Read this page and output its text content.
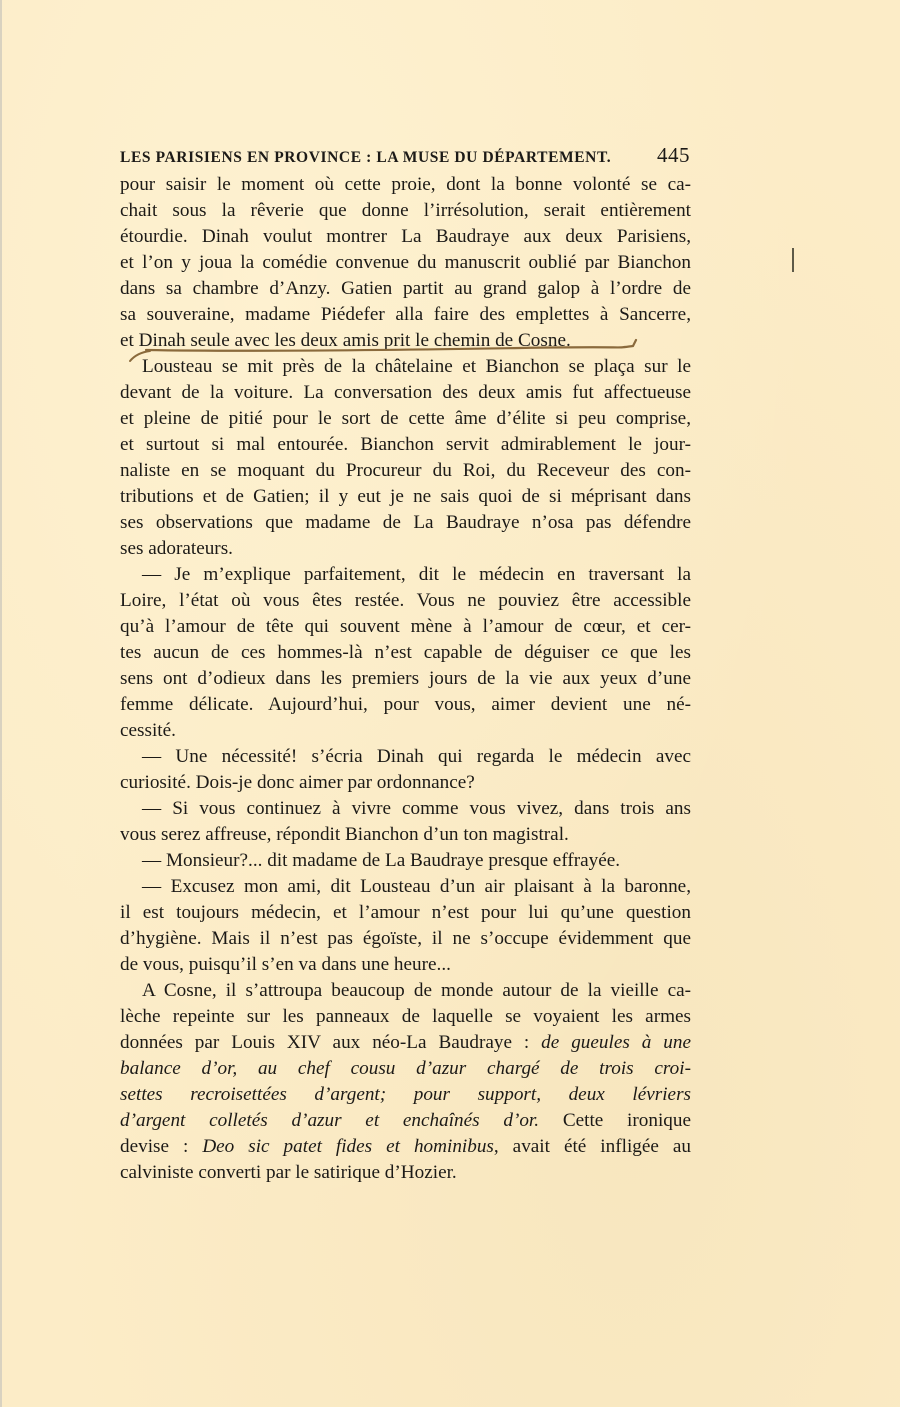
LES PARISIENS EN PROVINCE : LA MUSE DU DÉPARTEMENT. 445
pour saisir le moment où cette proie, dont la bonne volonté se ca-
chait sous la rêverie que donne l’irrésolution, serait entièrement
étourdie. Dinah voulut montrer La Baudraye aux deux Parisiens,
et l’on y joua la comédie convenue du manuscrit oublié par Bianchon
dans sa chambre d’Anzy. Gatien partit au grand galop à l’ordre de
sa souveraine, madame Piédefer alla faire des emplettes à Sancerre,
et Dinah seule avec les deux amis prit le chemin de Cosne.
Lousteau se mit près de la châtelaine et Bianchon se plaça sur le
devant de la voiture. La conversation des deux amis fut affectueuse
et pleine de pitié pour le sort de cette âme d’élite si peu comprise,
et surtout si mal entourée. Bianchon servit admirablement le jour-
naliste en se moquant du Procureur du Roi, du Receveur des con-
tributions et de Gatien; il y eut je ne sais quoi de si méprisant dans
ses observations que madame de La Baudraye n’osa pas défendre
ses adorateurs.
— Je m’explique parfaitement, dit le médecin en traversant la
Loire, l’état où vous êtes restée. Vous ne pouviez être accessible
qu’à l’amour de tête qui souvent mène à l’amour de cœur, et cer-
tes aucun de ces hommes-là n’est capable de déguiser ce que les
sens ont d’odieux dans les premiers jours de la vie aux yeux d’une
femme délicate. Aujourd’hui, pour vous, aimer devient une né-
cessité.
— Une nécessité! s’écria Dinah qui regarda le médecin avec
curiosité. Dois-je donc aimer par ordonnance?
— Si vous continuez à vivre comme vous vivez, dans trois ans
vous serez affreuse, répondit Bianchon d’un ton magistral.
— Monsieur?... dit madame de La Baudraye presque effrayée.
— Excusez mon ami, dit Lousteau d’un air plaisant à la baronne,
il est toujours médecin, et l’amour n’est pour lui qu’une question
d’hygiène. Mais il n’est pas égoïste, il ne s’occupe évidemment que
de vous, puisqu’il s’en va dans une heure...
A Cosne, il s’attroupa beaucoup de monde autour de la vieille ca-
lèche repeinte sur les panneaux de laquelle se voyaient les armes
données par Louis XIV aux néo-La Baudraye : de gueules à une
balance d’or, au chef cousu d’azur chargé de trois croi-
settes recroisettées d’argent; pour support, deux lévriers
d’argent colletés d’azur et enchaînés d’or. Cette ironique
devise : Deo sic patet fides et hominibus, avait été infligée au
calviniste converti par le satirique d’Hozier.
